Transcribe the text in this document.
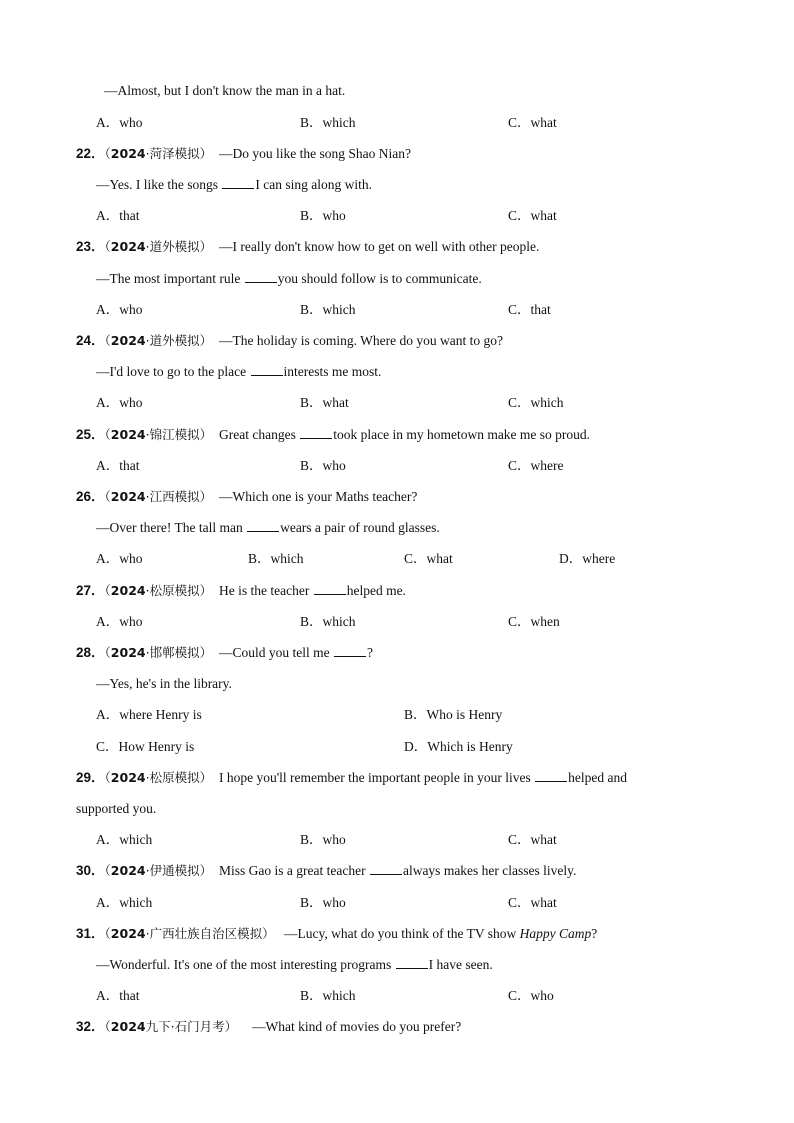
—Almost, but I don't know the man in a hat.
A．who	B．which	C．what
22．（2024·菏泽模拟） —Do you like the song Shao Nian?
—Yes. I like the songs	I can sing along with.
A．that	B．who	C．what
23．（2024·道外模拟） —I really don't know how to get on well with other people.
—The most important rule	you should follow is to communicate.
A．who	B．which	C．that
24．（2024·道外模拟） —The holiday is coming. Where do you want to go?
—I'd love to go to the place	interests me most.
A．who	B．what	C．which
25．（2024·锦江模拟） Great changes	took place in my hometown make me so proud.
A．that	B．who	C．where
26．（2024·江西模拟） —Which one is your Maths teacher?
—Over there! The tall man	wears a pair of round glasses.
A．who	B．which	C．what	D．where
27．（2024·松原模拟） He is the teacher	helped me.
A．who	B．which	C．when
28．（2024·邯郸模拟） —Could you tell me	?
—Yes, he's in the library.
A．where Henry is	B．Who is Henry
C．How Henry is	D．Which is Henry
29．（2024·松原模拟） I hope you'll remember the important people in your lives	helped and
supported you.
A．which	B．who	C．what
30．（2024·伊通模拟） Miss Gao is a great teacher	always makes her classes lively.
A．which	B．who	C．what
31．（2024·广西壮族自治区模拟） —Lucy, what do you think of the TV show Happy Camp?
—Wonderful. It's one of the most interesting programs	I have seen.
A．that	B．which	C．who
32．（2024九下·石门月考） —What kind of movies do you prefer?
